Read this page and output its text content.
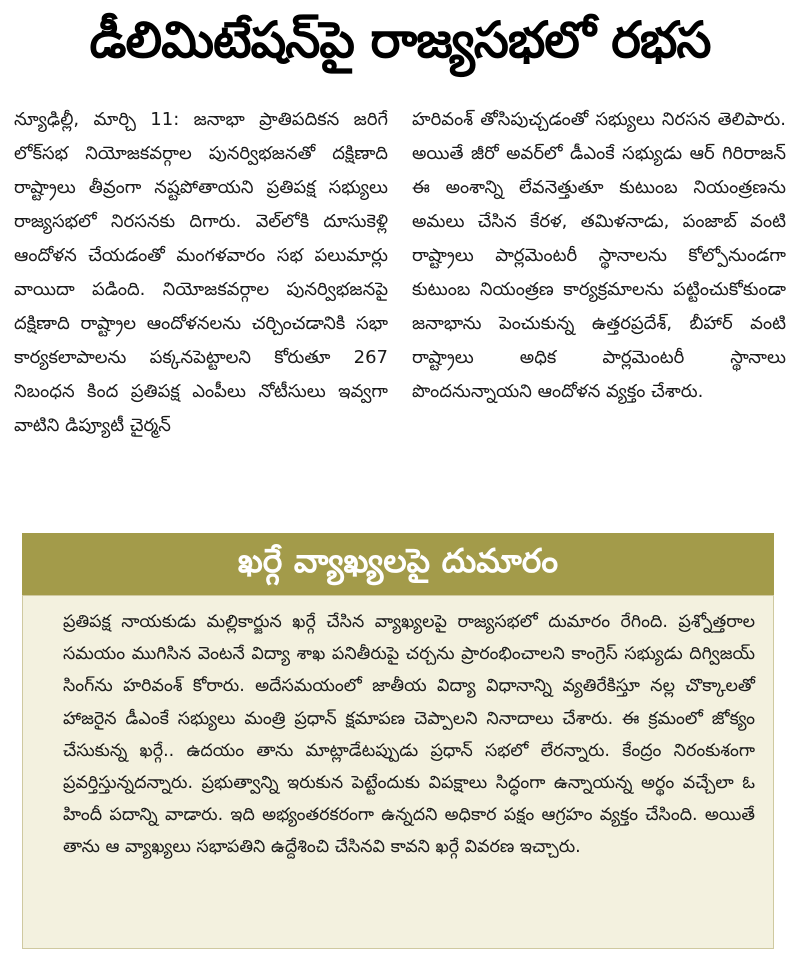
డీలిమిటేషన్‌పై రాజ్యసభలో రభస
న్యూఢిల్లీ, మార్చి 11: జనాభా ప్రాతిపదికన జరిగే లోక్‌సభ నియోజకవర్గాల పునర్విభజనతో దక్షిణాది రాష్ట్రాలు తీవ్రంగా నష్టపోతాయని ప్రతిపక్ష సభ్యులు రాజ్యసభలో నిరసనకు దిగారు. వెల్‌లోకి దూసుకెళ్లి ఆందోళన చేయడంతో మంగళవారం సభ పలుమార్లు వాయిదా పడింది. నియోజకవర్గాల పునర్విభజనపై దక్షిణాది రాష్ట్రాల ఆందోళనలను చర్చించడానికి సభా కార్యకలాపాలను పక్కనపెట్టాలని కోరుతూ 267 నిబంధన కింద ప్రతిపక్ష ఎంపీలు నోటీసులు ఇవ్వగా వాటిని డిప్యూటీ చైర్మన్
హరివంశ్ తోసిపుచ్చడంతో సభ్యులు నిరసన తెలిపారు. అయితే జీరో అవర్‌లో డీఎంకే సభ్యుడు ఆర్ గిరిరాజన్ ఈ అంశాన్ని లేవనెత్తుతూ కుటుంబ నియంత్రణను అమలు చేసిన కేరళ, తమిళనాడు, పంజాబ్ వంటి రాష్ట్రాలు పార్లమెంటరీ స్థానాలను కోల్పోనుండగా కుటుంబ నియంత్రణ కార్యక్రమాలను పట్టించుకోకుండా జనాభాను పెంచుకున్న ఉత్తరప్రదేశ్, బీహార్ వంటి రాష్ట్రాలు అధిక పార్లమెంటరీ స్థానాలు పొందనున్నాయని ఆందోళన వ్యక్తం చేశారు.
ఖర్గే వ్యాఖ్యలపై దుమారం

ప్రతిపక్ష నాయకుడు మల్లికార్జున ఖర్గే చేసిన వ్యాఖ్యలపై రాజ్యసభలో దుమారం రేగింది. ప్రశ్నోత్తరాల సమయం ముగిసిన వెంటనే విద్యా శాఖ పనితీరుపై చర్చను ప్రారంభించాలని కాంగ్రెస్ సభ్యుడు దిగ్విజయ్ సింగ్‌ను హరివంశ్ కోరారు. అదేసమయంలో జాతీయ విద్యా విధానాన్ని వ్యతిరేకిస్తూ నల్ల చొక్కాలతో హాజరైన డీఎంకే సభ్యులు మంత్రి ప్రధాన్ క్షమాపణ చెప్పాలని నినాదాలు చేశారు. ఈ క్రమంలో జోక్యం చేసుకున్న ఖర్గే.. ఉదయం తాను మాట్లాడేటప్పుడు ప్రధాన్ సభలో లేరన్నారు. కేంద్రం నిరంకుశంగా ప్రవర్తిస్తున్నదన్నారు. ప్రభుత్వాన్ని ఇరుకున పెట్టేందుకు విపక్షాలు సిద్ధంగా ఉన్నాయన్న అర్థం వచ్చేలా ఓ హిందీ పదాన్ని వాడారు. ఇది అభ్యంతరకరంగా ఉన్నదని అధికార పక్షం ఆగ్రహం వ్యక్తం చేసింది. అయితే తాను ఆ వ్యాఖ్యలు సభాపతిని ఉద్దేశించి చేసినవి కావని ఖర్గే వివరణ ఇచ్చారు.
